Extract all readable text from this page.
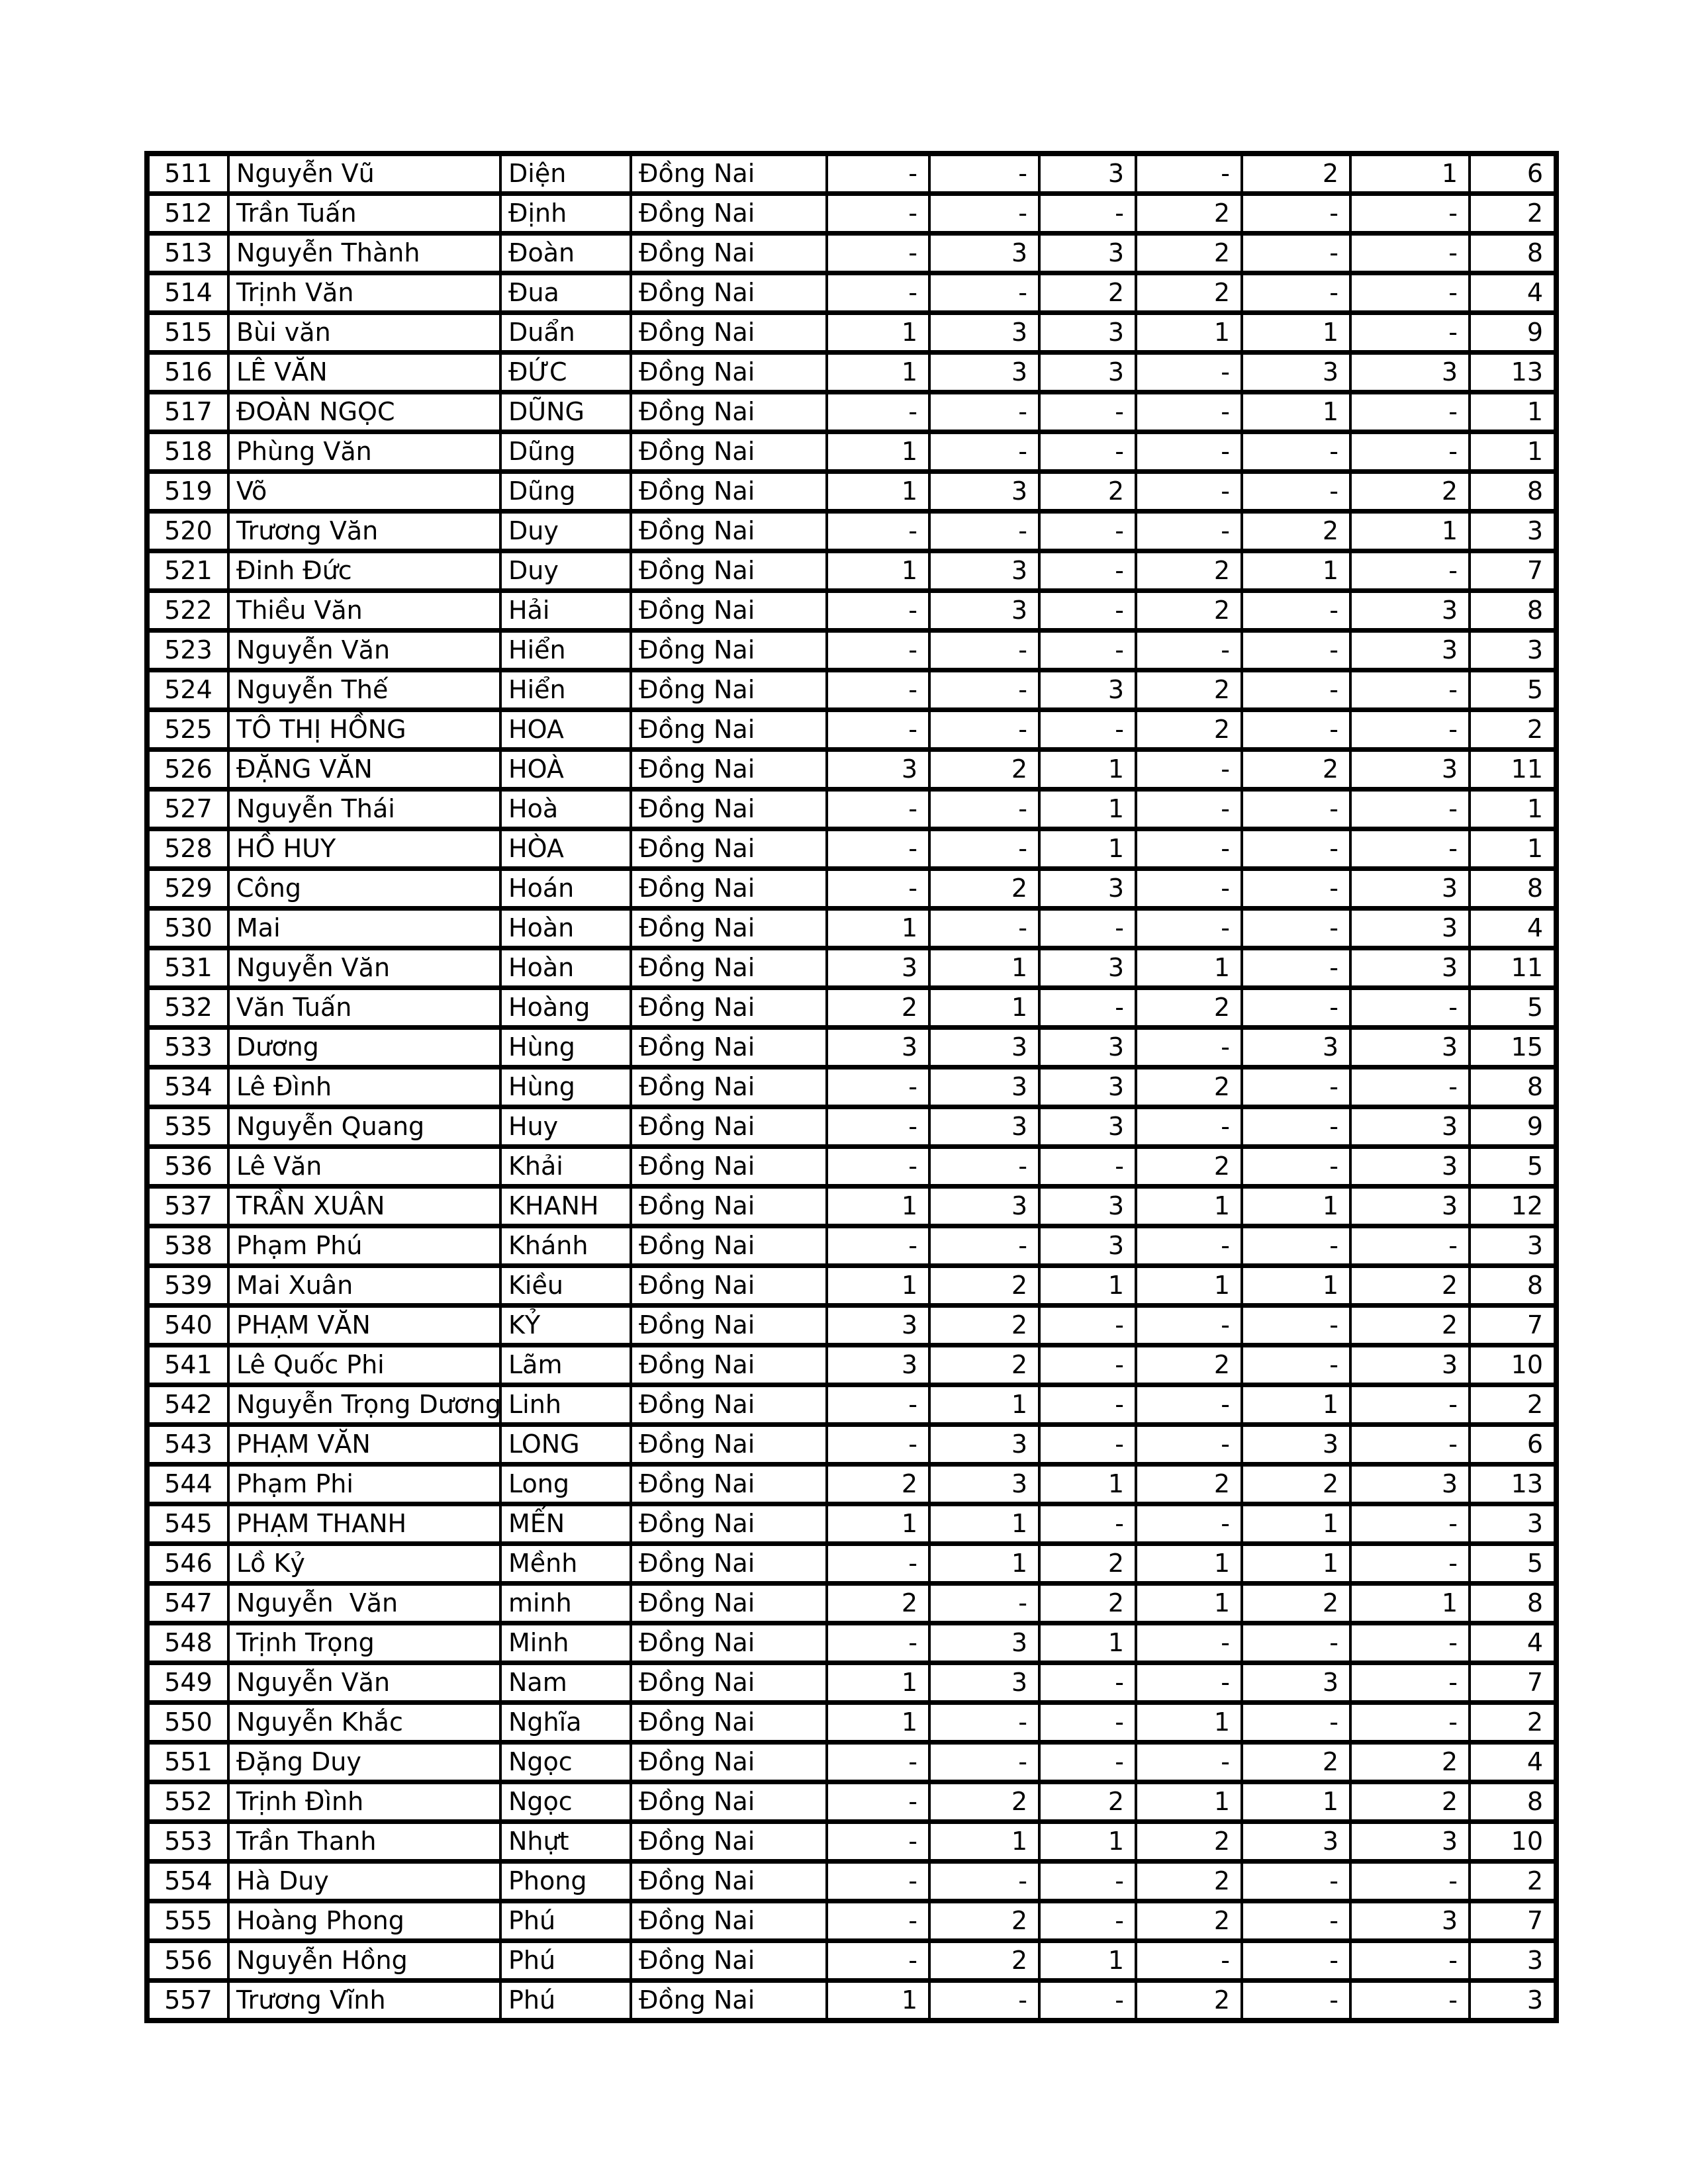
511	Nguyễn Vũ	Diện	Đồng Nai	-	-	3	-	2	1	6
512	Trần Tuấn	Định	Đồng Nai	-	-	-	2	-	-	2
513	Nguyễn Thành	Đoàn	Đồng Nai	-	3	3	2	-	-	8
514	Trịnh Văn	Đua	Đồng Nai	-	-	2	2	-	-	4
515	Bùi văn	Duẩn	Đồng Nai	1	3	3	1	1	-	9
516	LÊ VĂN	ĐỨC	Đồng Nai	1	3	3	-	3	3	13
517	ĐOÀN NGỌC	DŨNG	Đồng Nai	-	-	-	-	1	-	1
518	Phùng Văn	Dũng	Đồng Nai	1	-	-	-	-	-	1
519	Võ	Dũng	Đồng Nai	1	3	2	-	-	2	8
520	Trương Văn	Duy	Đồng Nai	-	-	-	-	2	1	3
521	Đinh Đức	Duy	Đồng Nai	1	3	-	2	1	-	7
522	Thiều Văn	Hải	Đồng Nai	-	3	-	2	-	3	8
523	Nguyễn Văn	Hiển	Đồng Nai	-	-	-	-	-	3	3
524	Nguyễn Thế	Hiển	Đồng Nai	-	-	3	2	-	-	5
525	TÔ THỊ HỒNG	HOA	Đồng Nai	-	-	-	2	-	-	2
526	ĐẶNG VĂN	HOÀ	Đồng Nai	3	2	1	-	2	3	11
527	Nguyễn Thái	Hoà	Đồng Nai	-	-	1	-	-	-	1
528	HỒ HUY	HÒA	Đồng Nai	-	-	1	-	-	-	1
529	Công	Hoán	Đồng Nai	-	2	3	-	-	3	8
530	Mai	Hoàn	Đồng Nai	1	-	-	-	-	3	4
531	Nguyễn Văn	Hoàn	Đồng Nai	3	1	3	1	-	3	11
532	Văn Tuấn	Hoàng	Đồng Nai	2	1	-	2	-	-	5
533	Dương	Hùng	Đồng Nai	3	3	3	-	3	3	15
534	Lê Đình	Hùng	Đồng Nai	-	3	3	2	-	-	8
535	Nguyễn Quang	Huy	Đồng Nai	-	3	3	-	-	3	9
536	Lê Văn	Khải	Đồng Nai	-	-	-	2	-	3	5
537	TRẦN XUÂN	KHANH	Đồng Nai	1	3	3	1	1	3	12
538	Phạm Phú	Khánh	Đồng Nai	-	-	3	-	-	-	3
539	Mai Xuân	Kiều	Đồng Nai	1	2	1	1	1	2	8
540	PHẠM VĂN	KỶ	Đồng Nai	3	2	-	-	-	2	7
541	Lê Quốc Phi	Lãm	Đồng Nai	3	2	-	2	-	3	10
542	Nguyễn Trọng Dương	Linh	Đồng Nai	-	1	-	-	1	-	2
543	PHẠM VĂN	LONG	Đồng Nai	-	3	-	-	3	-	6
544	Phạm Phi	Long	Đồng Nai	2	3	1	2	2	3	13
545	PHẠM THANH	MẾN	Đồng Nai	1	1	-	-	1	-	3
546	Lồ Kỷ	Mềnh	Đồng Nai	-	1	2	1	1	-	5
547	Nguyễn  Văn	minh	Đồng Nai	2	-	2	1	2	1	8
548	Trịnh Trọng	Minh	Đồng Nai	-	3	1	-	-	-	4
549	Nguyễn Văn	Nam	Đồng Nai	1	3	-	-	3	-	7
550	Nguyễn Khắc	Nghĩa	Đồng Nai	1	-	-	1	-	-	2
551	Đặng Duy	Ngọc	Đồng Nai	-	-	-	-	2	2	4
552	Trịnh Đình	Ngọc	Đồng Nai	-	2	2	1	1	2	8
553	Trần Thanh	Nhựt	Đồng Nai	-	1	1	2	3	3	10
554	Hà Duy	Phong	Đồng Nai	-	-	-	2	-	-	2
555	Hoàng Phong	Phú	Đồng Nai	-	2	-	2	-	3	7
556	Nguyễn Hồng	Phú	Đồng Nai	-	2	1	-	-	-	3
557	Trương Vĩnh	Phú	Đồng Nai	1	-	-	2	-	-	3
